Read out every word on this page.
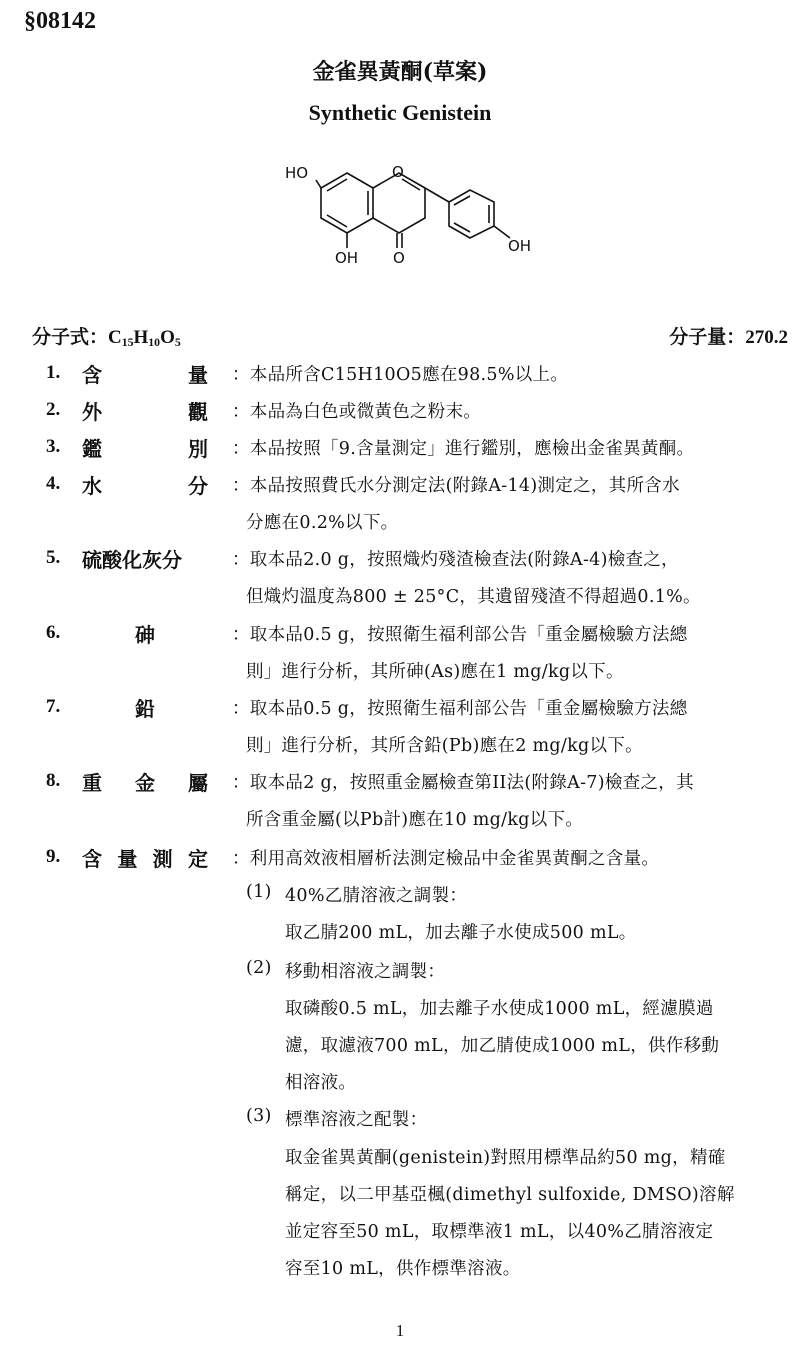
§08142
金雀異黃酮(草案)
Synthetic Genistein
HO	O
OH O
OH
分子式：$C_{15}H_{10}O_5$	分子量：270.2
1. 含	量 ：本品所含C15H10O5應在98.5%以上。
2. 外	觀 ：本品為白色或微黃色之粉末。
3. 鑑	別 ：本品按照「9.含量測定」進行鑑別，應檢出金雀異黃酮。
4. 水	分 ：本品按照費氏水分測定法(附錄A-14)測定之，其所含水
分應在0.2%以下。
5. 硫酸化灰分	：取本品2.0 g，按照熾灼殘渣檢查法(附錄A-4)檢查之，
但熾灼溫度為800 ± 25°C，其遺留殘渣不得超過0.1%。
6.	砷	：取本品0.5 g，按照衛生福利部公告「重金屬檢驗方法總
則」進行分析，其所砷(As)應在1 mg/kg以下。
7.	鉛	：取本品0.5 g，按照衛生福利部公告「重金屬檢驗方法總
則」進行分析，其所含鉛(Pb)應在2 mg/kg以下。
8. 重 金 屬 ：取本品2 g，按照重金屬檢查第II法(附錄A-7)檢查之，其
所含重金屬(以Pb計)應在10 mg/kg以下。
9. 含 量 測 定 ：利用高效液相層析法測定檢品中金雀異黃酮之含量。
(1) 40%乙腈溶液之調製：
取乙腈200 mL，加去離子水使成500 mL。
(2) 移動相溶液之調製：
取磷酸0.5 mL，加去離子水使成1000 mL，經濾膜過
濾，取濾液700 mL，加乙腈使成1000 mL，供作移動
相溶液。
(3) 標準溶液之配製：
取金雀異黃酮(genistein)對照用標準品約50 mg，精確
稱定，以二甲基亞楓(dimethyl sulfoxide, DMSO)溶解
並定容至50 mL，取標準液1 mL，以40%乙腈溶液定
容至10 mL，供作標準溶液。
1
